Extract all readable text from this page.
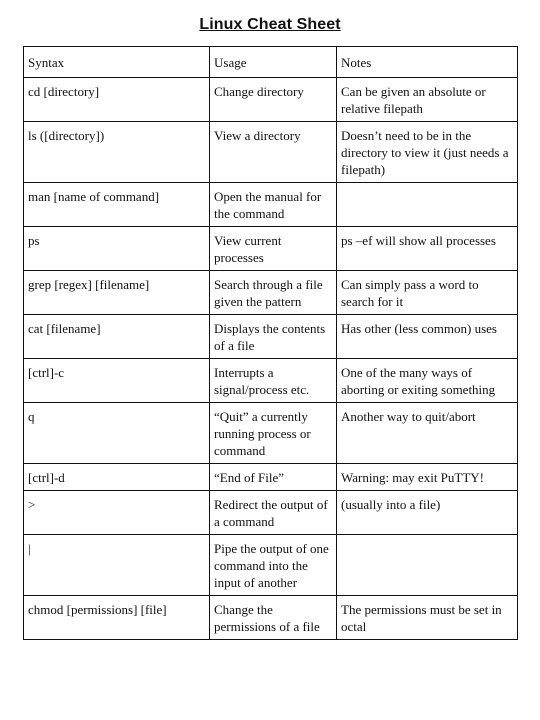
Linux Cheat Sheet
Syntax	Usage	Notes
cd [directory]	Change directory	Can be given an absolute or relative filepath
ls ([directory])	View a directory	Doesn’t need to be in the directory to view it (just needs a filepath)
man [name of command]	Open the manual for the command	
ps	View current processes	ps –ef will show all processes
grep [regex] [filename]	Search through a file given the pattern	Can simply pass a word to search for it
cat [filename]	Displays the contents of a file	Has other (less common) uses
[ctrl]-c	Interrupts a signal/process etc.	One of the many ways of aborting or exiting something
q	“Quit” a currently running process or command	Another way to quit/abort
[ctrl]-d	“End of File”	Warning: may exit PuTTY!
>	Redirect the output of a command	(usually into a file)
|	Pipe the output of one command into the input of another	
chmod [permissions] [file]	Change the permissions of a file	The permissions must be set in octal
